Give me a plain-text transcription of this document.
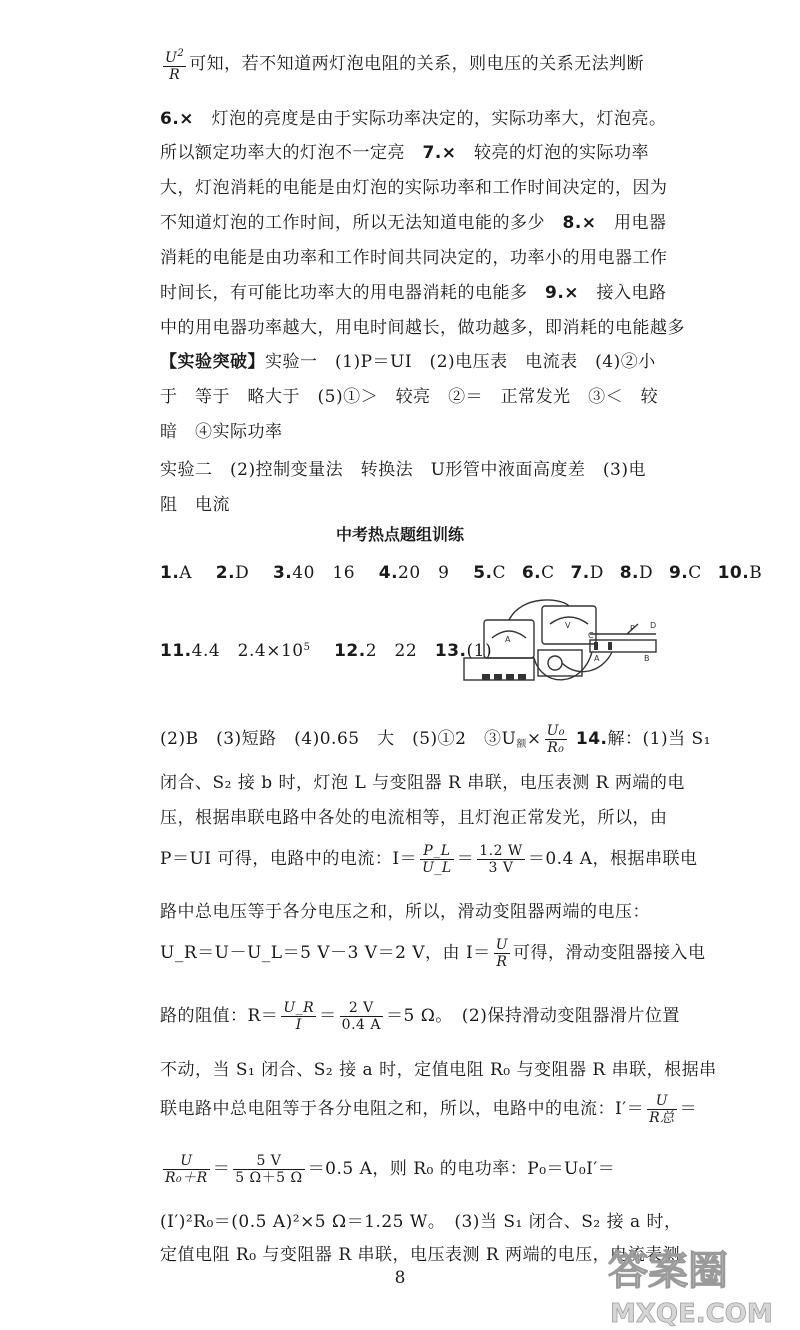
$\frac{U^2}{R}$ 可知，若不知道两灯泡电阻的关系，则电压的关系无法判断
6.×　 灯泡的亮度是由于实际功率决定的，实际功率大，灯泡亮。
所以额定功率大的灯泡不一定亮　 7.×　 较亮的灯泡的实际功率
大，灯泡消耗的电能是由灯泡的实际功率和工作时间决定的，因为
不知道灯泡的工作时间，所以无法知道电能的多少　 8.×　 用电器
消耗的电能是由功率和工作时间共同决定的，功率小的用电器工作
时间长，有可能比功率大的用电器消耗的电能多　 9.×　 接入电路
中的用电器功率越大，用电时间越长，做功越多，即消耗的电能越多
【实验突破】实验一　(1)P＝UI　(2)电压表　电流表　(4)②小
于　等于　略大于　(5)①＞　较亮　②＝　正常发光　③＜　较
暗　④实际功率
实验二　(2)控制变量法　转换法　U形管中液面高度差　(3)电
阻　电流
中考热点题组训练
1.A 2.D 3.40　16 4.20　9 5.C 6.C 7.D 8.D 9.C 10.B
11.4.4　$2.4\times 10^5$ 12.2　22 13.(1)
A
V	P D
C
A	B
(2)B　(3)短路　(4)0.65　大　(5)①2　$③U_额\times \frac{\text{U₀}}{\text{R₀}} 14$.解：(1)当 S₁
闭合、S₂ 接 b 时，灯泡 L 与变阻器 R 串联，电压表测 R 两端的电
压，根据串联电路中各处的电流相等，且灯泡正常发光，所以，由
P＝UI 可得，电路中的电流：$I= \frac{P\_L}{U\_L} = \frac{1.2 W}{3 V} =0.4$ A，根据串联电
路中总电压等于各分电压之和，所以，滑动变阻器两端的电压：
U_R＝U－U_L＝5 V－3 V＝2 V，由 $I= \frac{U}{R}$ 可得，滑动变阻器接入电
路的阻值：$R= \frac{U\_R}{I} = \frac{2 V}{0.4 A} =5$ Ω。　(2)保持滑动变阻器滑片位置
不动，当 S₁ 闭合、S₂ 接 a 时，定值电阻 R₀ 与变阻器 R 串联，根据串
联电路中总电阻等于各分电阻之和，所以，电路中的电流：$I'= \frac{U}{\text{R总}}$ ＝
$\frac{U}{\text{R₀＋R}} = \frac{5 V}{5 \Omega+5 \Omega} =0.5$ A，则 R₀ 的电功率：P₀＝U₀I′＝
(I′)²R₀＝(0.5 A)²×5 Ω＝1.25 W。　(3)当 S₁ 闭合、S₂ 接 a 时，
定值电阻 R₀ 与变阻器 R 串联，电压表测 R 两端的电压，电流表测
8	答案圈
MXQE.COM
